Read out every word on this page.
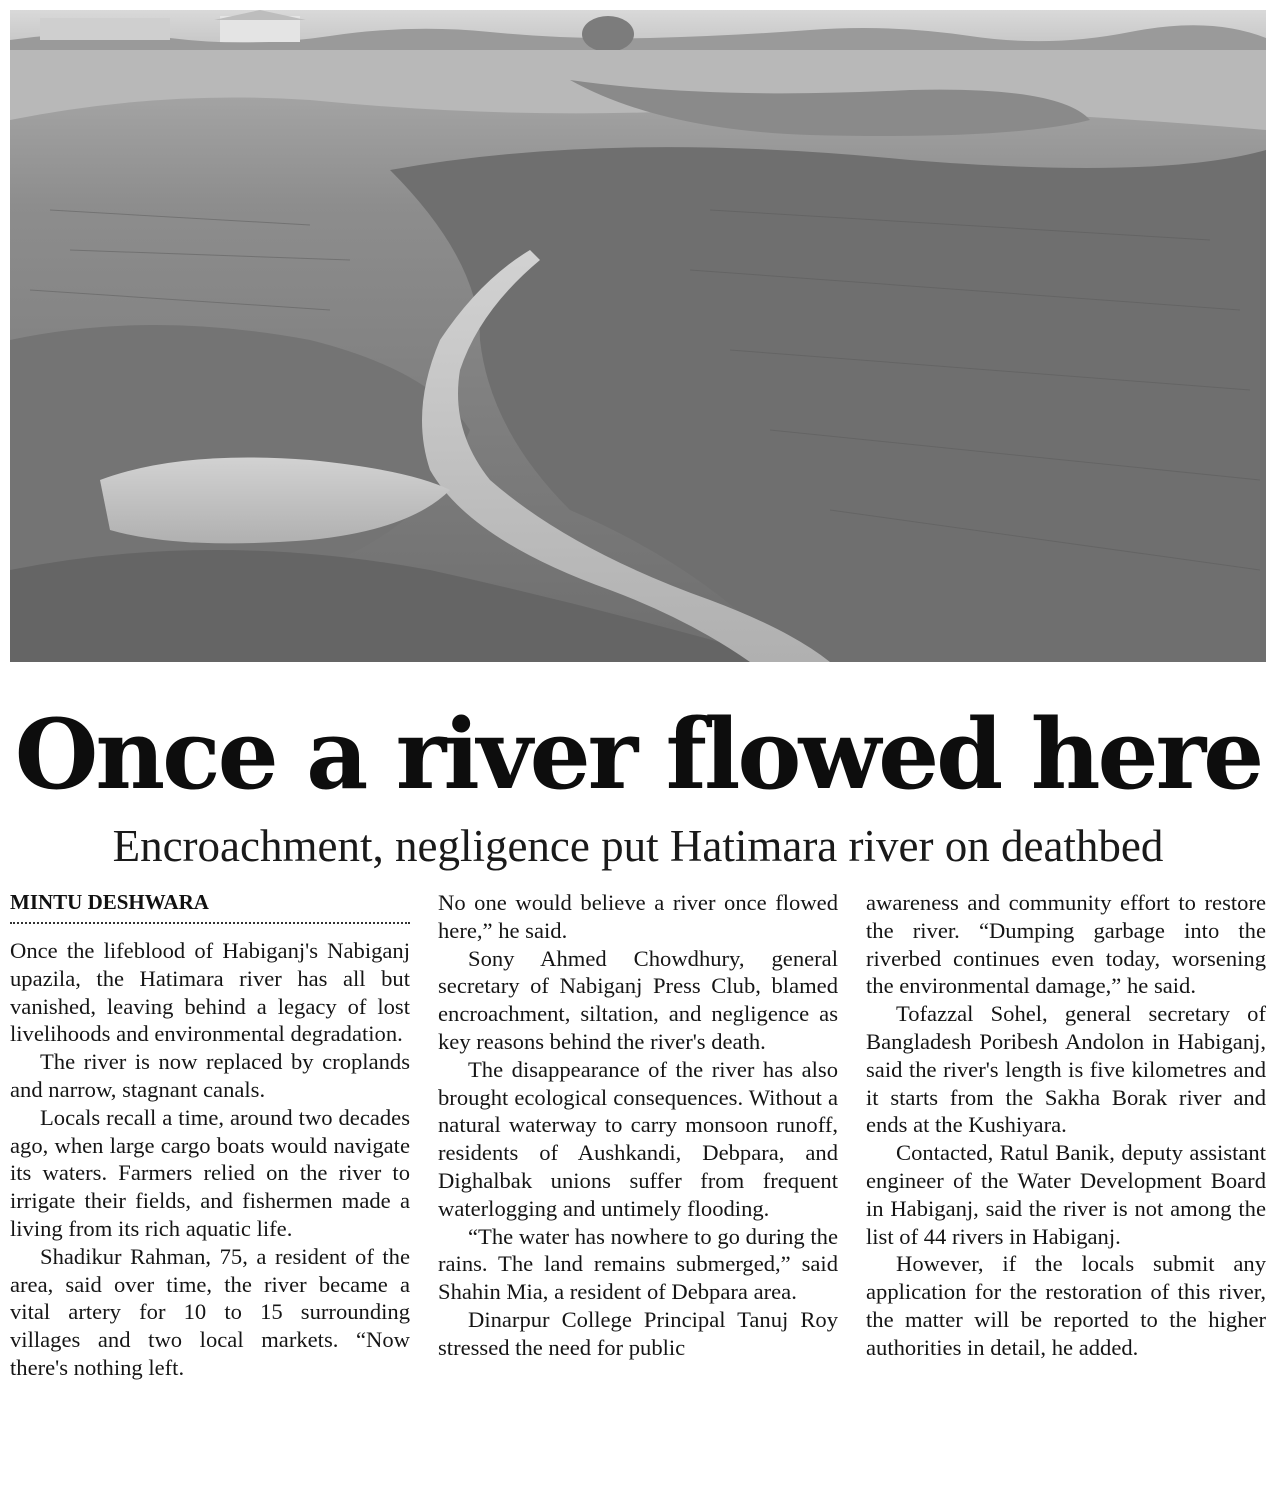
Once a river flowed here
Encroachment, negligence put Hatimara river on deathbed
MINTU DESHWARA

Once the lifeblood of Habiganj's Nabiganj upazila, the Hatimara river has all but vanished, leaving behind a legacy of lost livelihoods and environmental degradation.

The river is now replaced by croplands and narrow, stagnant canals.

Locals recall a time, around two decades ago, when large cargo boats would navigate its waters. Farmers relied on the river to irrigate their fields, and fishermen made a living from its rich aquatic life.

Shadikur Rahman, 75, a resident of the area, said over time, the river became a vital artery for 10 to 15 surrounding villages and two local markets. “Now there's nothing left.

No one would believe a river once flowed here,” he said.

Sony Ahmed Chowdhury, general secretary of Nabiganj Press Club, blamed encroachment, siltation, and negligence as key reasons behind the river's death.

The disappearance of the river has also brought ecological consequences. Without a natural waterway to carry monsoon runoff, residents of Aushkandi, Debpara, and Dighalbak unions suffer from frequent waterlogging and untimely flooding.

“The water has nowhere to go during the rains. The land remains submerged,” said Shahin Mia, a resident of Debpara area.

Dinarpur College Principal Tanuj Roy stressed the need for public

awareness and community effort to restore the river. “Dumping garbage into the riverbed continues even today, worsening the environmental damage,” he said.

Tofazzal Sohel, general secretary of Bangladesh Poribesh Andolon in Habiganj, said the river's length is five kilometres and it starts from the Sakha Borak river and ends at the Kushiyara.

Contacted, Ratul Banik, deputy assistant engineer of the Water Development Board in Habiganj, said the river is not among the list of 44 rivers in Habiganj.

However, if the locals submit any application for the restoration of this river, the matter will be reported to the higher authorities in detail, he added.
